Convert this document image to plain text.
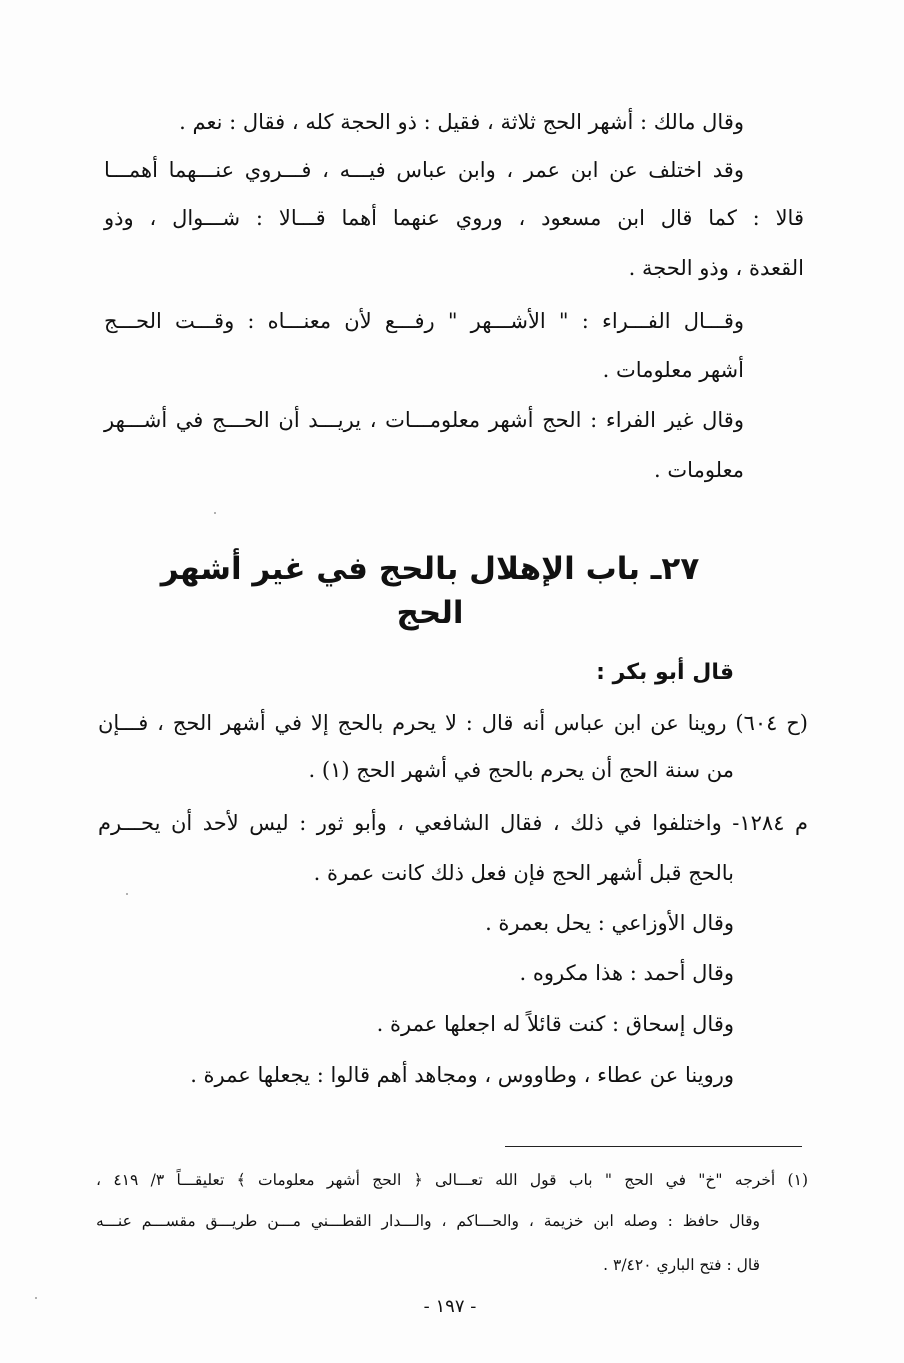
وقال مالك : أشهر الحج ثلاثة ، فقيل : ذو الحجة كله ، فقال : نعم .
وقد اختلف عن ابن عمر ، وابن عباس فيـــه ، فـــروي عنـــهما أهمـــا
قالا : كما قال ابن مسعود ، وروي عنهما أهما قـــالا : شـــوال ، وذو
القعدة ، وذو الحجة .
وقـــال الفـــراء : " الأشـــهر " رفـــع لأن معنـــاه : وقـــت الحـــج
أشهر معلومات .
وقال غير الفراء : الحج أشهر معلومـــات ، يريـــد أن الحـــج في أشـــهر
معلومات .
٢٧ـ باب الإهلال بالحج في غير أشهر الحج
قال أبو بكر :
(ح ٦٠٤) روينا عن ابن عباس أنه قال : لا يحرم بالحج إلا في أشهر الحج ، فـــإن
من سنة الحج أن يحرم بالحج في أشهر الحج (١) .
م ١٢٨٤- واختلفوا في ذلك ، فقال الشافعي ، وأبو ثور : ليس لأحد أن يحـــرم
بالحج قبل أشهر الحج فإن فعل ذلك كانت عمرة .
وقال الأوزاعي : يحل بعمرة .
وقال أحمد : هذا مكروه .
وقال إسحاق : كنت قائلاً له اجعلها عمرة .
وروينا عن عطاء ، وطاووس ، ومجاهد أهم قالوا : يجعلها عمرة .
(١) أخرجه "خ" في الحج " باب قول الله تعـــالى ﴿ الحج أشهر معلومات ﴾ تعليقـــاً ٣/ ٤١٩ ،
وقال حافظ : وصله ابن خزيمة ، والحـــاكم ، والـــدار القطـــني مـــن طريـــق مقســـم عنـــه
قال : فتح الباري ٣/٤٢٠ .
- ١٩٧ -
